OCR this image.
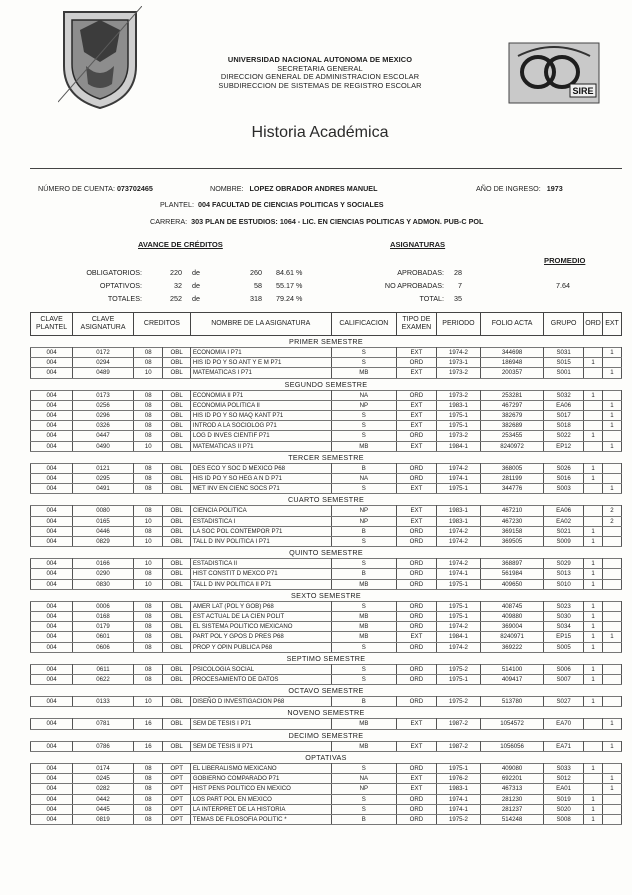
SIRE
UNIVERSIDAD NACIONAL AUTONOMA DE MEXICO
SECRETARIA GENERAL
DIRECCION GENERAL DE ADMINISTRACION ESCOLAR
SUBDIRECCION DE SISTEMAS DE REGISTRO ESCOLAR
Historia Académica
NÚMERO DE CUENTA: 073702465	NOMBRE: LOPEZ OBRADOR ANDRES MANUEL	AÑO DE INGRESO: 1973
PLANTEL: 004 FACULTAD DE CIENCIAS POLITICAS Y SOCIALES
CARRERA: 303 PLAN DE ESTUDIOS: 1064 - LIC. EN CIENCIAS POLITICAS Y ADMON. PUB-C POL
AVANCE DE CRÉDITOS	ASIGNATURAS
PROMEDIO
OBLIGATORIOS:	220 de	260 84.61 %
OPTATIVOS:	32 de	58 55.17 %
TOTALES:	252 de	318 79.24 %
APROBADAS: 28
NO APROBADAS: 7
TOTAL: 35
7.64
CLAVE PLANTEL	CLAVE ASIGNATURA	CREDITOS		NOMBRE DE LA ASIGNATURA	CALIFICACION	TIPO DE EXAMEN	PERIODO	FOLIO ACTA	GRUPO	ORD	EXT
PRIMER SEMESTRE											
004	0172	08	OBL	ECONOMIA I P71	S	EXT	1974-2	344698	S031		1
004	0294	08	OBL	HIS ID PO Y SO ANT Y E M P71	S	ORD	1973-1	186948	S015	1	
004	0489	10	OBL	MATEMATICAS I P71	MB	EXT	1973-2	200357	S001		1
SEGUNDO SEMESTRE											
004	0173	08	OBL	ECONOMIA II P71	NA	ORD	1973-2	253281	S032	1	
004	0256	08	OBL	ECONOMIA POLITICA II	NP	EXT	1983-1	467297	EA06		1
004	0296	08	OBL	HIS ID PO Y SO MAQ KANT P71	S	EXT	1975-1	382679	S017		1
004	0326	08	OBL	INTROD A LA SOCIOLOG P71	S	EXT	1975-1	382689	S018		1
004	0447	08	OBL	LOG D INVES CIENTIF P71	S	ORD	1973-2	253455	S022	1	
004	0490	10	OBL	MATEMATICAS II P71	MB	EXT	1984-1	8240972	EP12		1
TERCER SEMESTRE											
004	0121	08	OBL	DES ECO Y SOC D MEXICO P68	B	ORD	1974-2	368005	S026	1	
004	0295	08	OBL	HIS ID PO Y SO HEG A N D P71	NA	ORD	1974-1	281199	S016	1	
004	0491	08	OBL	MET INV EN CIENC SOCS P71	S	EXT	1975-1	344776	S003		1
CUARTO SEMESTRE											
004	0080	08	OBL	CIENCIA POLITICA	NP	EXT	1983-1	467210	EA06		2
004	0165	10	OBL	ESTADISTICA I	NP	EXT	1983-1	467230	EA02		2
004	0446	08	OBL	LA SOC POL CONTEMPOR P71	B	ORD	1974-2	369158	S021	1	
004	0829	10	OBL	TALL D INV POLITICA I P71	S	ORD	1974-2	369505	S009	1	
QUINTO SEMESTRE											
004	0166	10	OBL	ESTADISTICA II	S	ORD	1974-2	368897	S029	1	
004	0290	08	OBL	HIST CONSTIT D MEXCO P71	B	ORD	1974-1	561984	S013	1	
004	0830	10	OBL	TALL D INV POLITICA II P71	MB	ORD	1975-1	409650	S010	1	
SEXTO SEMESTRE											
004	0006	08	OBL	AMER LAT (POL Y GOB) P68	S	ORD	1975-1	408745	S023	1	
004	0168	08	OBL	EST ACTUAL DE LA CIEN POLIT	MB	ORD	1975-1	409880	S030	1	
004	0179	08	OBL	EL SISTEMA POLITICO MEXICANO	MB	ORD	1974-2	369004	S034	1	
004	0601	08	OBL	PART POL Y GPOS D PRES P68	MB	EXT	1984-1	8240971	EP15	1	1
004	0606	08	OBL	PROP Y OPIN PUBLICA P68	S	ORD	1974-2	369222	S005	1	
SEPTIMO SEMESTRE											
004	0611	08	OBL	PSICOLOGIA SOCIAL	S	ORD	1975-2	514100	S006	1	
004	0622	08	OBL	PROCESAMIENTO DE DATOS	S	ORD	1975-1	409417	S007	1	
OCTAVO SEMESTRE											
004	0133	10	OBL	DISEÑO D INVESTIGACION P68	B	ORD	1975-2	513780	S027	1	
NOVENO SEMESTRE											
004	0781	16	OBL	SEM DE TESIS I P71	MB	EXT	1987-2	1054572	EA70		1
DECIMO SEMESTRE											
004	0786	16	OBL	SEM DE TESIS II P71	MB	EXT	1987-2	1056056	EA71		1
OPTATIVAS											
004	0174	08	OPT	EL LIBERALISMO MEXICANO	S	ORD	1975-1	409080	S033	1	
004	0245	08	OPT	GOBIERNO COMPARADO P71	NA	EXT	1976-2	692201	S012		1
004	0282	08	OPT	HIST PENS POLITICO EN MEXICO	NP	EXT	1983-1	467313	EA01		1
004	0442	08	OPT	LOS PART POL EN MEXICO	S	ORD	1974-1	281230	S019	1	
004	0445	08	OPT	LA INTERPRET DE LA HISTORIA	S	ORD	1974-1	281237	S020	1	
004	0819	08	OPT	TEMAS DE FILOSOFIA POLITIC *	B	ORD	1975-2	514248	S008	1	
